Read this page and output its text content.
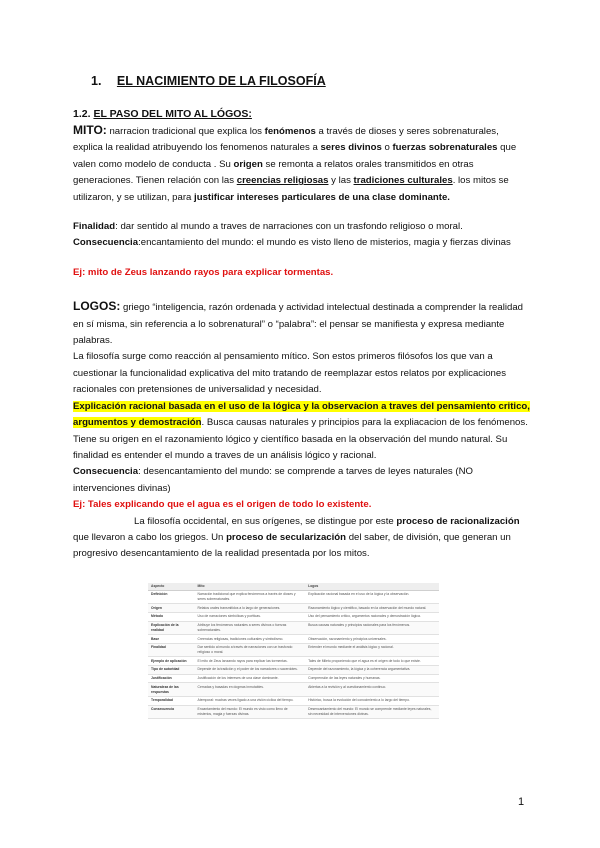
1. EL NACIMIENTO DE LA FILOSOFÍA
1.2. EL PASO DEL MITO AL LÓGOS:

MITO: narracion tradicional que explica los fenómenos a través de dioses y seres sobrenaturales, explica la realidad atribuyendo los fenomenos naturales a seres divinos o fuerzas sobrenaturales que valen como modelo de conducta . Su origen se remonta a relatos orales transmitidos en otras generaciones. Tienen relación con las creencias religiosas y las tradiciones culturales. los mitos se utilizaron, y se utilizan, para justificar intereses particulares de una clase dominante.

Finalidad: dar sentido al mundo a traves de narraciones con un trasfondo religioso o moral.

Consecuencia:encantamiento del mundo: el mundo es visto lleno de misterios, magia y fierzas divinas

Ej: mito de Zeus lanzando rayos para explicar tormentas.

LOGOS: griego “inteligencia, razón ordenada y actividad intelectual destinada a comprender la realidad en sí misma, sin referencia a lo sobrenatural” o “palabra”: el pensar se manifiesta y expresa mediante palabras.

La filosofía surge como reacción al pensamiento mítico. Son estos primeros filósofos los que van a cuestionar la funcionalidad explicativa del mito tratando de reemplazar estos relatos por explicaciones racionales con pretensiones de universalidad y necesidad.

Explicación racional basada en el uso de la lógica y la observacion a traves del pensamiento critico, argumentos y demostración. Busca causas naturales y principios para la expliacacion de los fenómenos. Tiene su origen en el razonamiento lógico y científico basada en la observación del mundo natural. Su finalidad es entender el mundo a traves de un análisis lógico y racional.

Consecuencia: desencantamiento del mundo: se comprende a tarves de leyes naturales (NO intervenciones divinas)

Ej: Tales explicando que el agua es el origen de todo lo existente.

La filosofía occidental, en sus orígenes, se distingue por este proceso de racionalización que llevaron a cabo los griegos. Un proceso de secularización del saber, de división, que generan un progresivo desencantamiento de la realidad presentada por los mitos.

Aspecto	Mito	Logos
Definición	Narración tradicional que explica fenómenos a través de dioses y seres sobrenaturales.	Explicación racional basada en el uso de la lógica y la observación.
Origen	Relatos orales transmitidos a lo largo de generaciones.	Razonamiento lógico y científico, basado en la observación del mundo natural.
Método	Uso de narraciones simbólicas y poéticas.	Uso del pensamiento crítico, argumentos racionales y demostración lógica.
Explicación de la realidad	Atribuye los fenómenos naturales a seres divinos o fuerzas sobrenaturales.	Busca causas naturales y principios racionales para los fenómenos.
Base	Creencias religiosas, tradiciones culturales y simbolismo.	Observación, razonamiento y principios universales.
Finalidad	Dar sentido al mundo a través de narraciones con un trasfondo religioso o moral.	Entender el mundo mediante el análisis lógico y racional.
Ejemplo de aplicación	El mito de Zeus lanzando rayos para explicar las tormentas.	Tales de Mileto proponiendo que el agua es el origen de todo lo que existe.
Tipo de autoridad	Depende de la tradición y el poder de los narradores o sacerdotes.	Depende del razonamiento, la lógica y la coherencia argumentativa.
Justificación	Justificación de los intereses de una clase dominante.	Comprensión de las leyes naturales y humanas.
Naturaleza de las respuestas	Cerradas y basadas en dogmas inmutables.	Abiertas a la revisión y al cuestionamiento continuo.
Temporalidad	Atemporal: muchas veces ligado a una visión cíclica del tiempo.	Histórico, busca la evolución del conocimiento a lo largo del tiempo.
Consecuencia	Encantamiento del mundo: El mundo es visto como lleno de misterios, magia y fuerzas divinas.	Desencantamiento del mundo: El mundo se comprende mediante leyes naturales, sin necesidad de intervenciones divinas.
1
